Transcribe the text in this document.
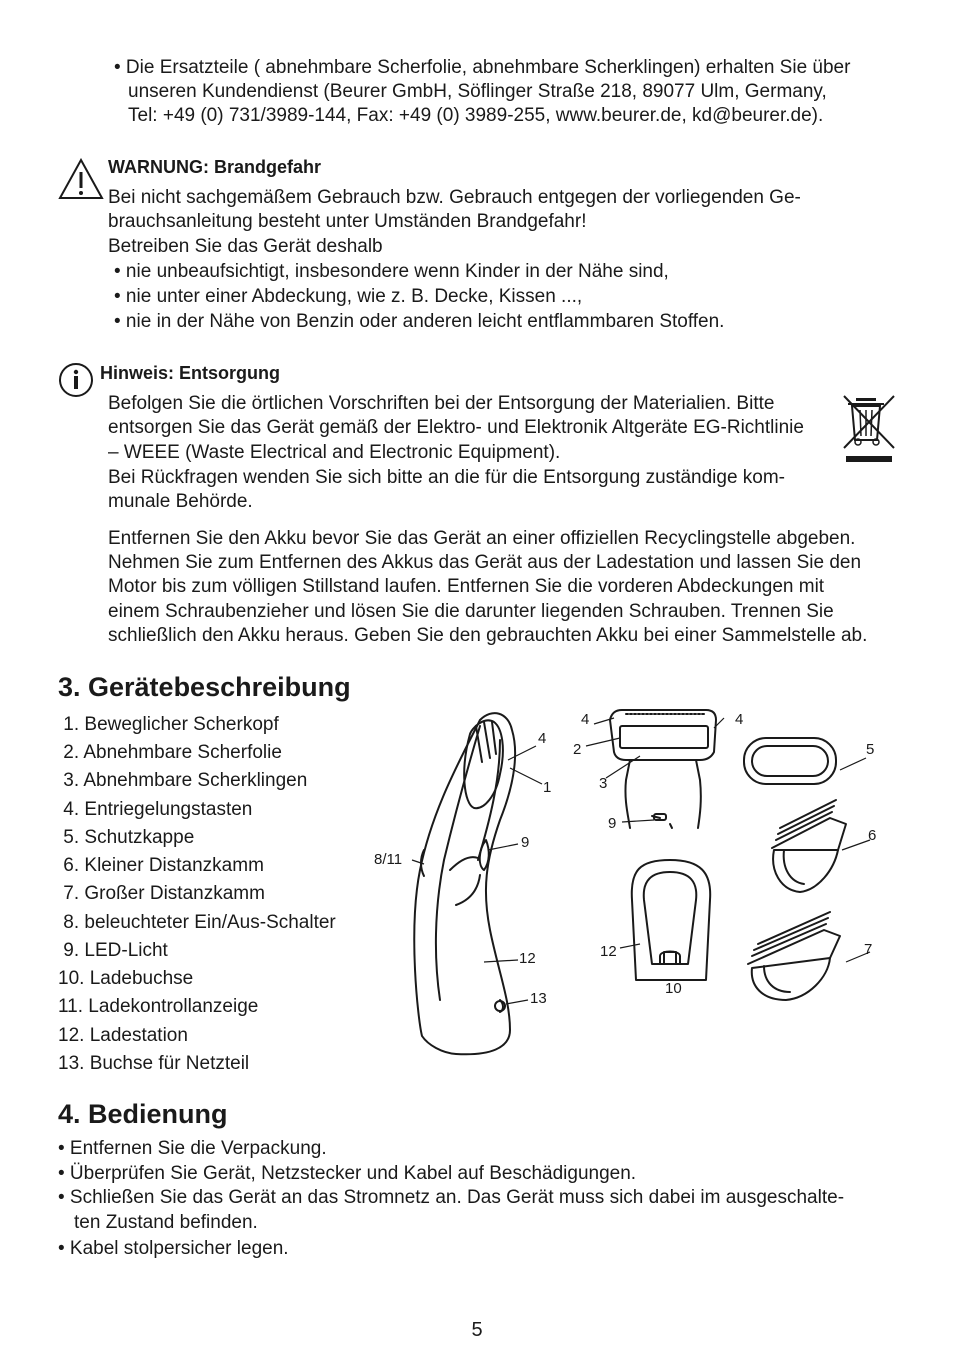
• Die Ersatzteile ( abnehmbare Scherfolie, abnehmbare Scherklingen) erhalten Sie über
unseren Kundendienst (Beurer GmbH, Söflinger Straße 218, 89077 Ulm, Germany,
Tel: +49 (0) 731/3989-144, Fax: +49 (0) 3989-255, www.beurer.de, kd@beurer.de).
WARNUNG: Brandgefahr
Bei nicht sachgemäßem Gebrauch bzw. Gebrauch entgegen der vorliegenden Ge-
brauchsanleitung besteht unter Umständen Brandgefahr!
Betreiben Sie das Gerät deshalb
• nie unbeaufsichtigt, insbesondere wenn Kinder in der Nähe sind,
• nie unter einer Abdeckung, wie z. B. Decke, Kissen ...,
• nie in der Nähe von Benzin oder anderen leicht entflammbaren Stoffen.
Hinweis: Entsorgung
Befolgen Sie die örtlichen Vorschriften bei der Entsorgung der Materialien. Bitte
entsorgen Sie das Gerät gemäß der Elektro- und Elektronik Altgeräte EG-Richtlinie
– WEEE (Waste Electrical and Electronic Equipment).
Bei Rückfragen wenden Sie sich bitte an die für die Entsorgung zuständige kom-
munale Behörde.
Entfernen Sie den Akku bevor Sie das Gerät an einer offiziellen Recyclingstelle abgeben.
Nehmen Sie zum Entfernen des Akkus das Gerät aus der Ladestation und lassen Sie den
Motor bis zum völligen Stillstand laufen. Entfernen Sie die vorderen Abdeckungen mit
einem Schraubenzieher und lösen Sie die darunter liegenden Schrauben. Trennen Sie
schließlich den Akku heraus. Geben Sie den gebrauchten Akku bei einer Sammelstelle ab.
3. Gerätebeschreibung
1. Beweglicher Scherkopf
2. Abnehmbare Scherfolie
3. Abnehmbare Scherklingen
4. Entriegelungstasten
5. Schutzkappe
6. Kleiner Distanzkamm
7. Großer Distanzkamm
8. beleuchteter Ein/Aus-Schalter
9. LED-Licht
10. Ladebuchse
11. Ladekontrollanzeige
12. Ladestation
13. Buchse für Netzteil
4
1
9
8/11
12
13
4	4
2
3
9
5
6
12
10
7
4. Bedienung
• Entfernen Sie die Verpackung.
• Überprüfen Sie Gerät, Netzstecker und Kabel auf Beschädigungen.
• Schließen Sie das Gerät an das Stromnetz an. Das Gerät muss sich dabei im ausgeschalte-
ten Zustand befinden.
• Kabel stolpersicher legen.
5
